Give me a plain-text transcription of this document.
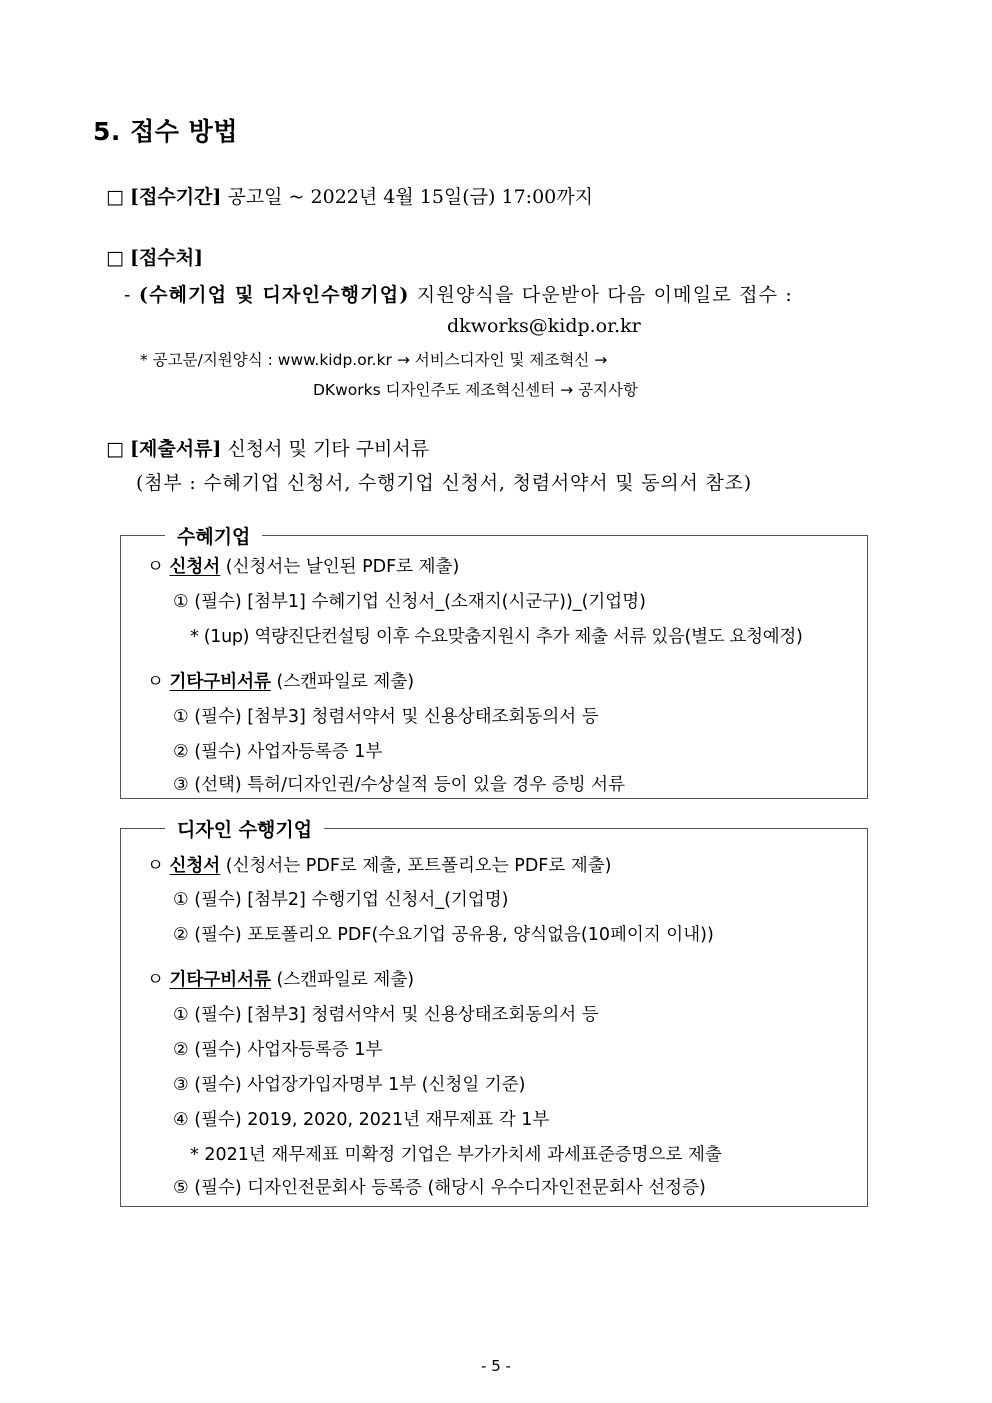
5. 접수 방법
□ [접수기간] 공고일 ~ 2022년 4월 15일(금) 17:00까지
□ [접수처]
- (수혜기업 및 디자인수행기업) 지원양식을 다운받아 다음 이메일로 접수 :
dkworks@kidp.or.kr
* 공고문/지원양식 : www.kidp.or.kr → 서비스디자인 및 제조혁신 →
DKworks 디자인주도 제조혁신센터 → 공지사항
□ [제출서류] 신청서 및 기타 구비서류
(첨부 : 수혜기업 신청서, 수행기업 신청서, 청렴서약서 및 동의서 참조)
수혜기업
ㅇ 신청서 (신청서는 날인된 PDF로 제출)
① (필수) [첨부1] 수혜기업 신청서_(소재지(시군구))_(기업명)
* (1up) 역량진단컨설팅 이후 수요맞춤지원시 추가 제출 서류 있음(별도 요청예정)
ㅇ 기타구비서류 (스캔파일로 제출)
① (필수) [첨부3] 청렴서약서 및 신용상태조회동의서 등
② (필수) 사업자등록증 1부
③ (선택) 특허/디자인권/수상실적 등이 있을 경우 증빙 서류
디자인 수행기업
ㅇ 신청서 (신청서는 PDF로 제출, 포트폴리오는 PDF로 제출)
① (필수) [첨부2] 수행기업 신청서_(기업명)
② (필수) 포토폴리오 PDF(수요기업 공유용, 양식없음(10페이지 이내))
ㅇ 기타구비서류 (스캔파일로 제출)
① (필수) [첨부3] 청렴서약서 및 신용상태조회동의서 등
② (필수) 사업자등록증 1부
③ (필수) 사업장가입자명부 1부 (신청일 기준)
④ (필수) 2019, 2020, 2021년 재무제표 각 1부
* 2021년 재무제표 미확정 기업은 부가가치세 과세표준증명으로 제출
⑤ (필수) 디자인전문회사 등록증 (해당시 우수디자인전문회사 선정증)
- 5 -
